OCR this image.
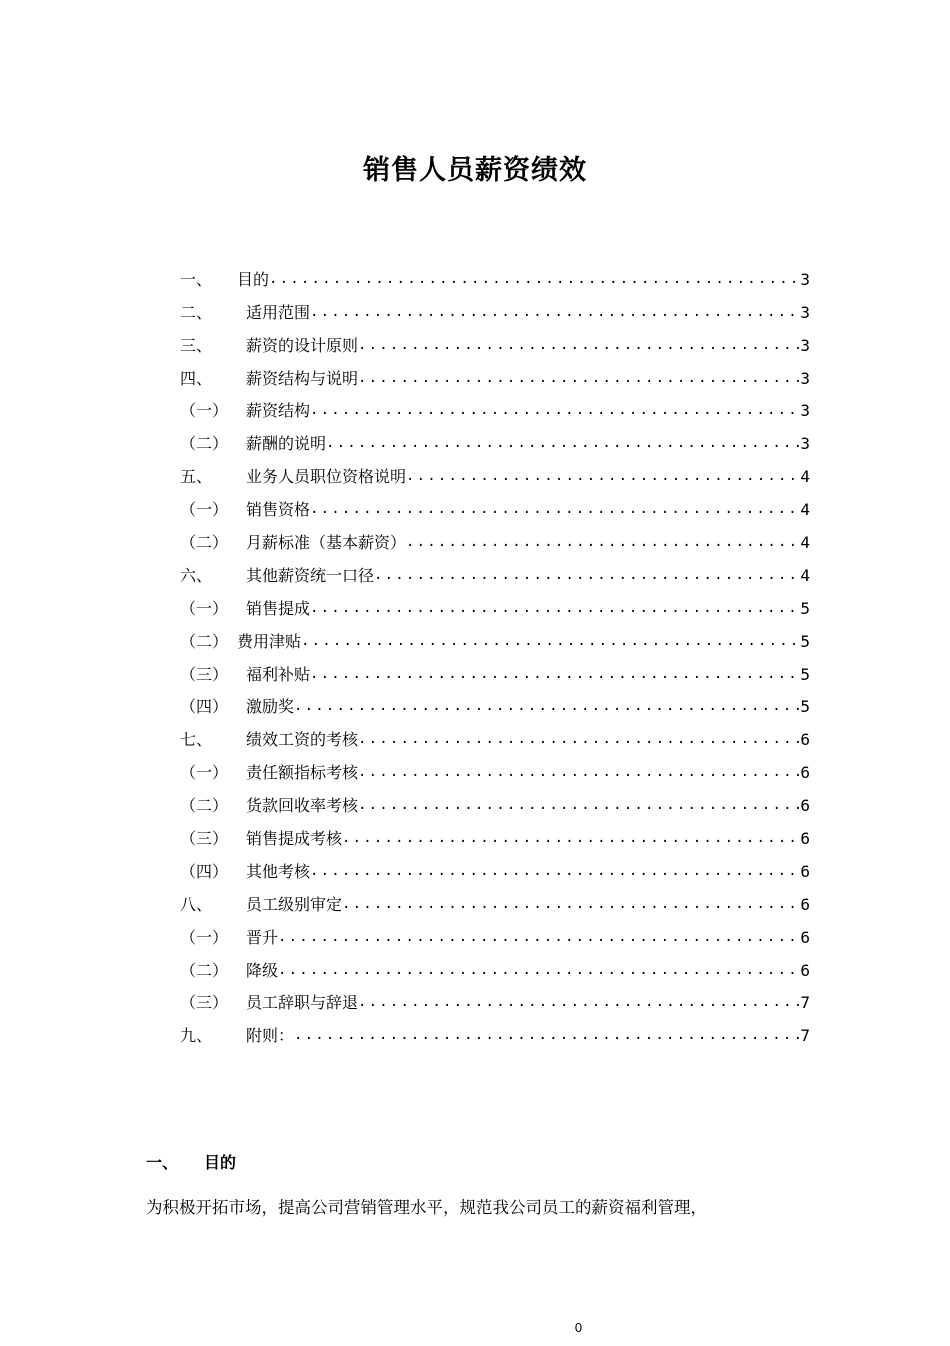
销售人员薪资绩效
一、	目的 .....	3
二、	适用范围 .....	3
三、	薪资的设计原则 .....	3
四、	薪资结构与说明 .....	3
（一）	薪资结构 .....	3
（二）	薪酬的说明 .....	3
五、	业务人员职位资格说明 .....	4
（一）	销售资格 .....	4
（二）	月薪标准（基本薪资） .....	4
六、	其他薪资统一口径 .....	4
（一）	销售提成 .....	5
（二） 费用津贴 .....	5
（三）	福利补贴 .....	5
（四）	激励奖 .....	5
七、	绩效工资的考核 .....	6
（一）	责任额指标考核 .....	6
（二）	货款回收率考核 .....	6
（三）	销售提成考核 .....	6
（四）	其他考核 .....	6
八、	员工级别审定 .....	6
（一）	晋升 .....	6
（二）	降级 .....	6
（三）	员工辞职与辞退 .....	7
九、	附则： .....	7
一、 目的
为积极开拓市场，提高公司营销管理水平，规范我公司员工的薪资福利管理，
0
